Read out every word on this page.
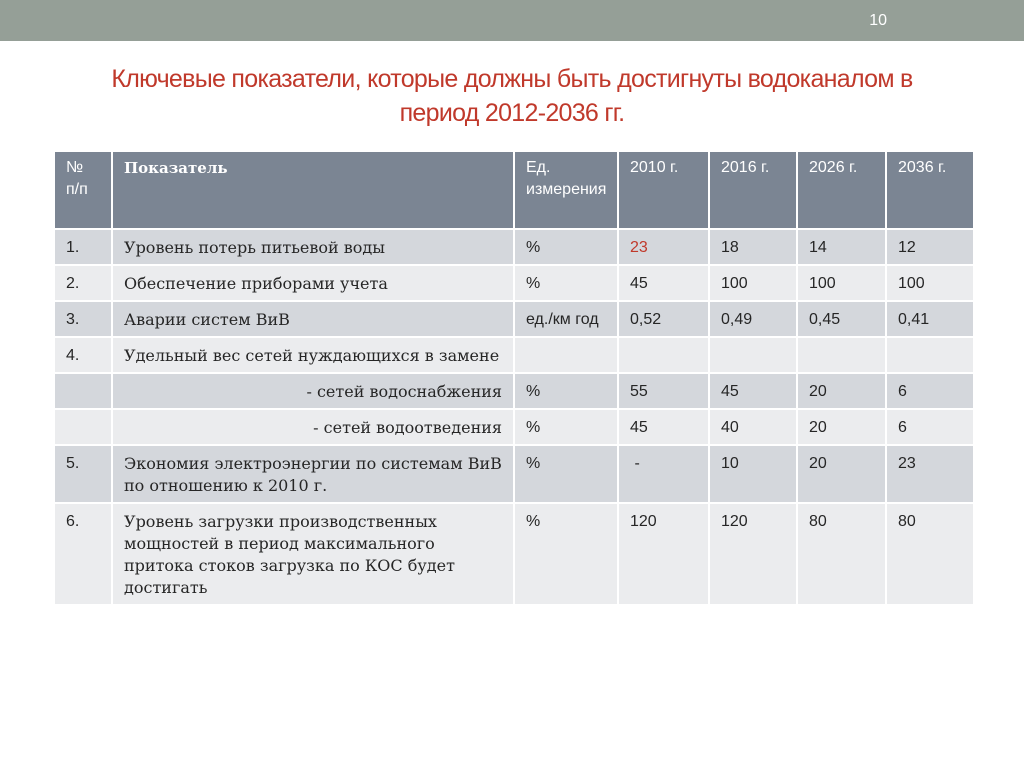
10
Ключевые показатели, которые должны быть достигнуты водоканалом в
период 2012-2036 гг.
№ п/п	Показатель	Ед. измерения	2010 г.	2016 г.	2026 г.	2036 г.
1.	Уровень потерь питьевой воды	%	23	18	14	12
2.	Обеспечение приборами учета	%	45	100	100	100
3.	Аварии систем ВиВ	ед./км год	0,52	0,49	0,45	0,41
4.	Удельный вес сетей нуждающихся в замене					
	- сетей водоснабжения	%	55	45	20	6
	- сетей водоотведения	%	45	40	20	6
5.	Экономия электроэнергии по системам ВиВ по отношению к 2010 г.	%	-	10	20	23
6.	Уровень загрузки производственных мощностей в период максимального притока стоков загрузка по КОС будет достигать	%	120	120	80	80
